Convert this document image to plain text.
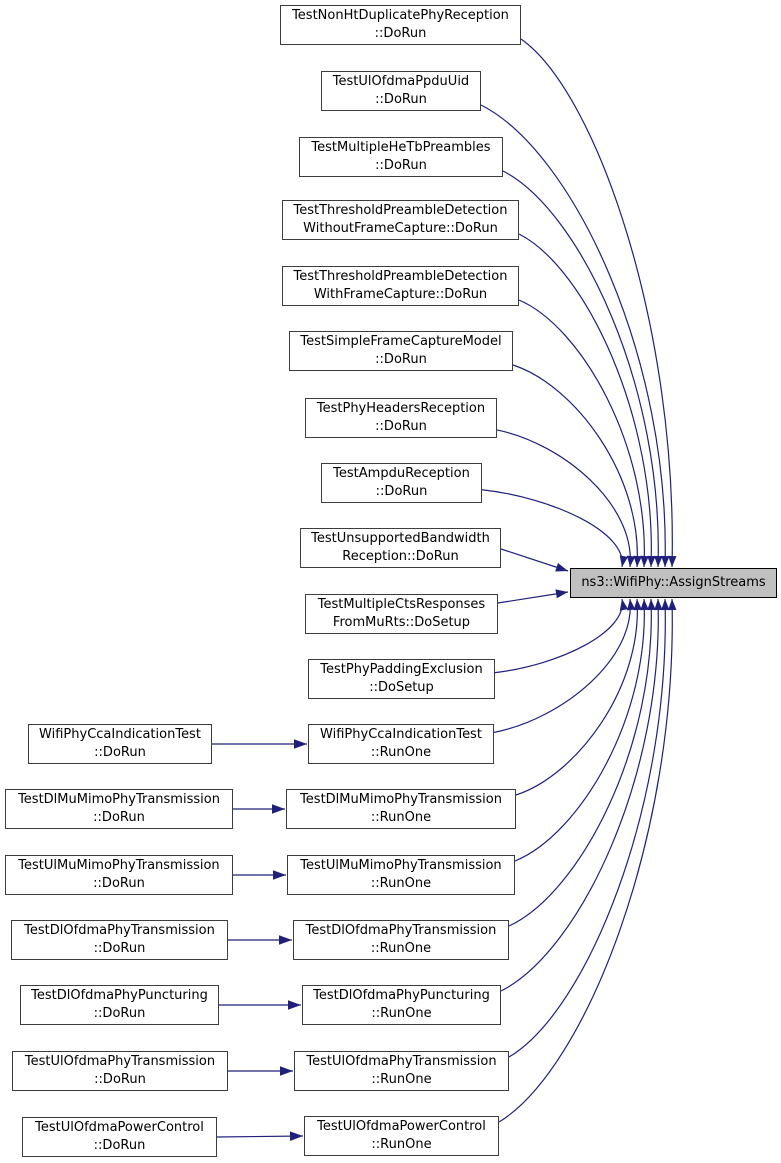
TestNonHtDuplicatePhyReception
::DoRun
TestUlOfdmaPpduUid
::DoRun
TestMultipleHeTbPreambles
::DoRun
TestThresholdPreambleDetection
WithoutFrameCapture::DoRun
TestThresholdPreambleDetection
WithFrameCapture::DoRun
TestSimpleFrameCaptureModel
::DoRun
TestPhyHeadersReception
::DoRun
TestAmpduReception
::DoRun
TestUnsupportedBandwidth
Reception::DoRun
TestMultipleCtsResponses
FromMuRts::DoSetup
TestPhyPaddingExclusion
::DoSetup
WifiPhyCcaIndicationTest
::RunOne
TestDlMuMimoPhyTransmission
::RunOne
TestUlMuMimoPhyTransmission
::RunOne
TestDlOfdmaPhyTransmission
::RunOne
TestDlOfdmaPhyPuncturing
::RunOne
TestUlOfdmaPhyTransmission
::RunOne
TestUlOfdmaPowerControl
::RunOne
WifiPhyCcaIndicationTest
::DoRun
TestDlMuMimoPhyTransmission
::DoRun
TestUlMuMimoPhyTransmission
::DoRun
TestDlOfdmaPhyTransmission
::DoRun
TestDlOfdmaPhyPuncturing
::DoRun
TestUlOfdmaPhyTransmission
::DoRun
TestUlOfdmaPowerControl
::DoRun
ns3::WifiPhy::AssignStreams
